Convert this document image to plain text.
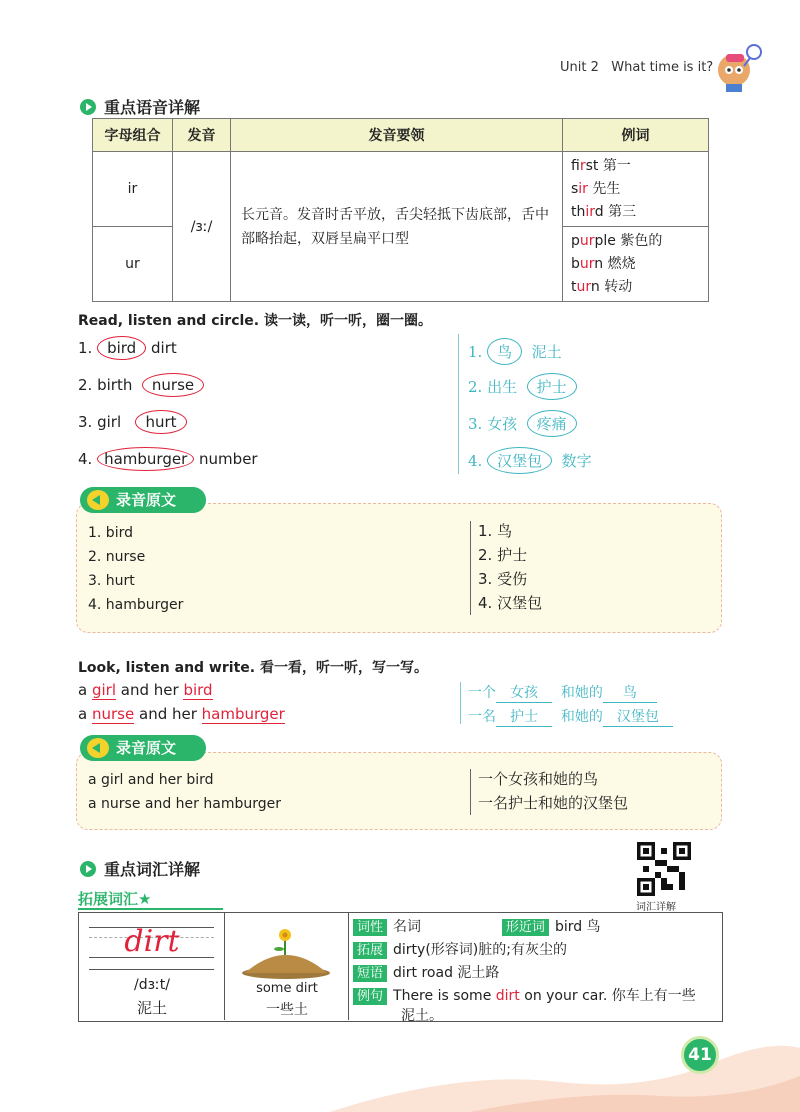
Unit 2 What time is it?
重点语音详解
字母组合	发音	发音要领	例词
ir	/ɜː/	长元音。发音时舌平放，舌尖轻抵下齿底部，舌中部略抬起，双唇呈扁平口型	first 第一
sir 先生
third 第三

ur			purple 紫色的
burn 燃烧
turn 转动
Read, listen and circle. 读一读，听一听，圈一圈。
1. bird dirt
2. birth nurse
3. girl hurt
4. hamburger number
1. 鸟 泥土
2. 出生 护士
3. 女孩 疼痛
4. 汉堡包 数字
录音原文
1. bird
2. nurse
3. hurt
4. hamburger
1. 鸟
2. 护士
3. 受伤
4. 汉堡包
Look, listen and write. 看一看，听一听，写一写。
a girl and her bird
a nurse and her hamburger
一个 女孩 和她的 鸟
一名 护士 和她的 汉堡包
录音原文
a girl and her bird
a nurse and her hamburger
一个女孩和她的鸟
一名护士和她的汉堡包
重点词汇详解
拓展词汇★	词汇详解
dirt
/dɜːt/
泥土
some dirt
一些土
词性 名词	形近词 bird 鸟
拓展 dirty(形容词)脏的;有灰尘的
短语 dirt road 泥土路
例句 There is some dirt on your car. 你车上有一些
泥土。
41
